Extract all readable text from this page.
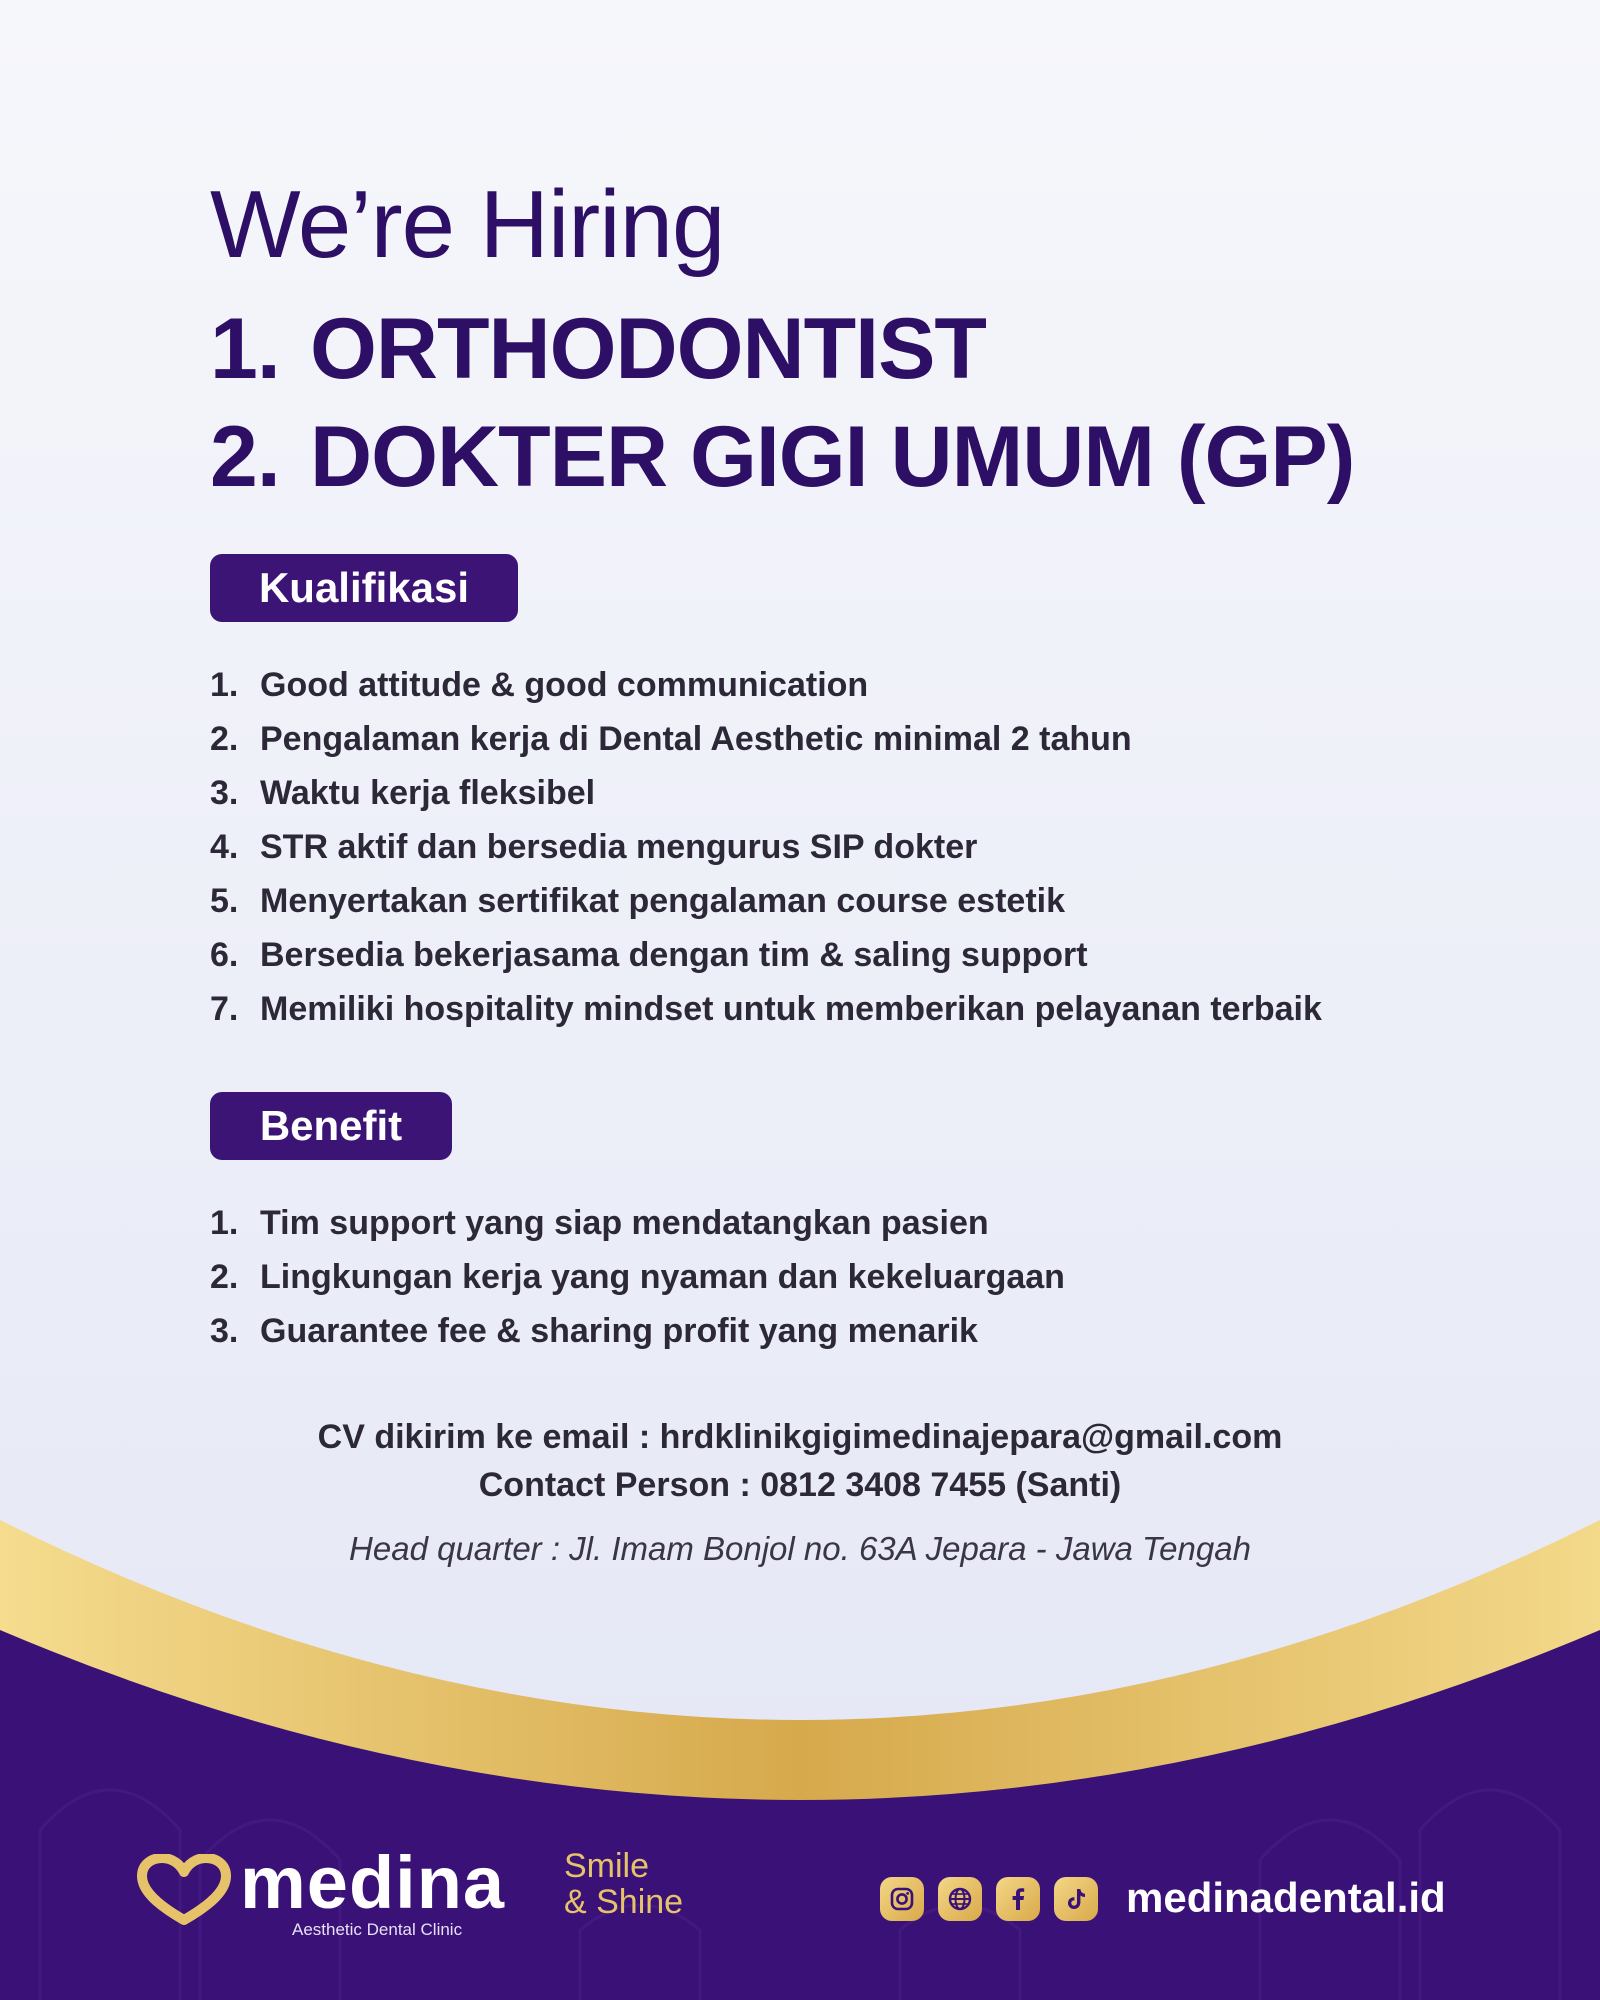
We’re Hiring
1. ORTHODONTIST
2. DOKTER GIGI UMUM (GP)
Kualifikasi
1. Good attitude & good communication
2. Pengalaman kerja di Dental Aesthetic minimal 2 tahun
3. Waktu kerja fleksibel
4. STR aktif dan bersedia mengurus SIP dokter
5. Menyertakan sertifikat pengalaman course estetik
6. Bersedia bekerjasama dengan tim & saling support
7. Memiliki hospitality mindset untuk memberikan pelayanan terbaik
Benefit
1. Tim support yang siap mendatangkan pasien
2. Lingkungan kerja yang nyaman dan kekeluargaan
3. Guarantee fee & sharing profit yang menarik
CV dikirim ke email : hrdklinikgigimedinajepara@gmail.com
Contact Person : 0812 3408 7455 (Santi)
Head quarter : Jl. Imam Bonjol no. 63A Jepara - Jawa Tengah
medina
Aesthetic Dental Clinic
Smile
& Shine	medinadental.id
